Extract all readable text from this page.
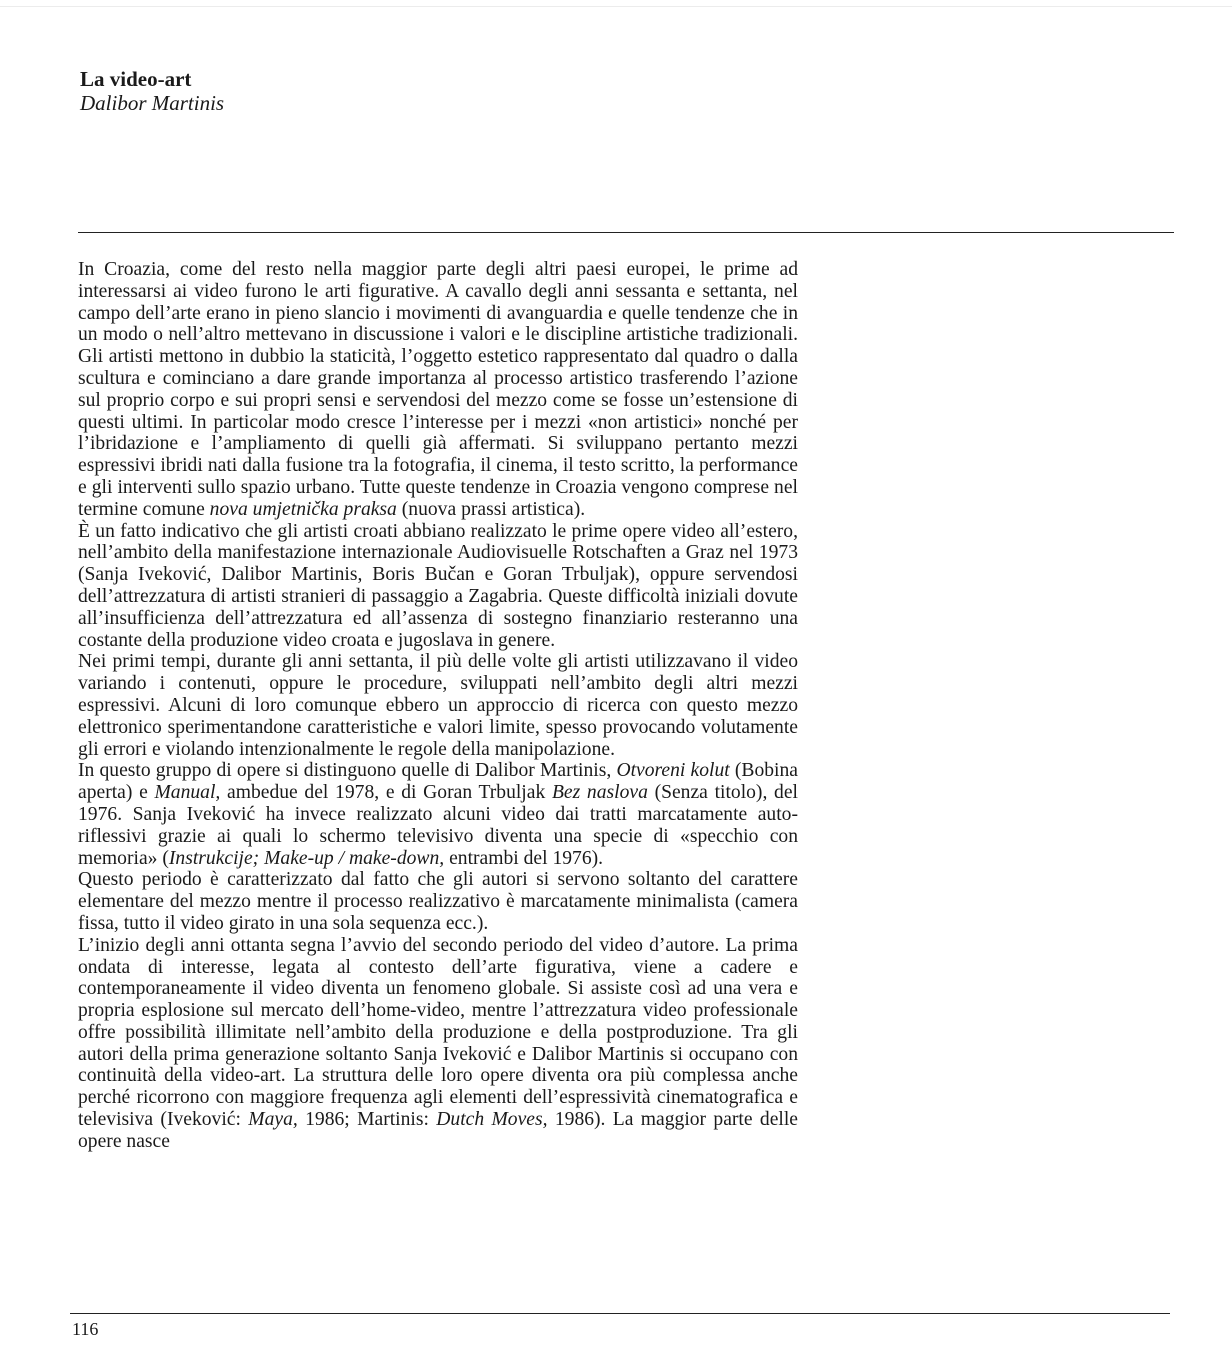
La video-art

Dalibor Martinis

In Croazia, come del resto nella maggior parte degli altri paesi europei, le prime ad interessarsi ai video furono le arti figurative. A cavallo degli anni sessanta e settanta, nel campo dell’arte erano in pieno slancio i movimenti di avanguardia e quelle tendenze che in un modo o nell’altro mettevano in discussione i valori e le discipline artistiche tradizionali. Gli artisti mettono in dubbio la staticità, l’oggetto estetico rappresentato dal quadro o dalla scultura e cominciano a dare grande importanza al processo artistico trasferendo l’azione sul proprio corpo e sui propri sensi e servendosi del mezzo come se fosse un’estensione di questi ultimi. In particolar modo cresce l’interesse per i mezzi «non artistici» nonché per l’ibridazione e l’ampliamento di quelli già affermati. Si sviluppano pertanto mezzi espressivi ibridi nati dalla fusione tra la fotografia, il cinema, il testo scritto, la performance e gli interventi sullo spazio urbano. Tutte queste tendenze in Croazia vengono comprese nel termine comune nova umjetnička praksa (nuova prassi artistica).

È un fatto indicativo che gli artisti croati abbiano realizzato le prime opere video all’estero, nell’ambito della manifestazione internazionale Audiovisuelle Rotschaften a Graz nel 1973 (Sanja Iveković, Dalibor Martinis, Boris Bučan e Goran Trbuljak), oppure servendosi dell’attrezzatura di artisti stranieri di passaggio a Zagabria. Queste difficoltà iniziali dovute all’insufficienza dell’attrezzatura ed all’assenza di sostegno finanziario resteranno una costante della produzione video croata e jugoslava in genere.

Nei primi tempi, durante gli anni settanta, il più delle volte gli artisti utilizzavano il video variando i contenuti, oppure le procedure, sviluppati nell’ambito degli altri mezzi espressivi. Alcuni di loro comunque ebbero un approccio di ricerca con questo mezzo elettronico sperimentandone caratteristiche e valori limite, spesso provocando volutamente gli errori e violando intenzionalmente le regole della manipolazione.

In questo gruppo di opere si distinguono quelle di Dalibor Martinis, Otvoreni kolut (Bobina aperta) e Manual, ambedue del 1978, e di Goran Trbuljak Bez naslova (Senza titolo), del 1976. Sanja Iveković ha invece realizzato alcuni video dai tratti marcatamente auto-riflessivi grazie ai quali lo schermo televisivo diventa una specie di «specchio con memoria» (Instrukcije; Make-up / make-down, entrambi del 1976).

Questo periodo è caratterizzato dal fatto che gli autori si servono soltanto del carattere elementare del mezzo mentre il processo realizzativo è marcatamente minimalista (camera fissa, tutto il video girato in una sola sequenza ecc.).

L’inizio degli anni ottanta segna l’avvio del secondo periodo del video d’autore. La prima ondata di interesse, legata al contesto dell’arte figurativa, viene a cadere e contemporaneamente il video diventa un fenomeno globale. Si assiste così ad una vera e propria esplosione sul mercato dell’home-video, mentre l’attrezzatura video professionale offre possibilità illimitate nell’ambito della produzione e della postproduzione. Tra gli autori della prima generazione soltanto Sanja Iveković e Dalibor Martinis si occupano con continuità della video-art. La struttura delle loro opere diventa ora più complessa anche perché ricorrono con maggiore frequenza agli elementi dell’espressività cinematografica e televisiva (Iveković: Maya, 1986; Martinis: Dutch Moves, 1986). La maggior parte delle opere nasce

116
